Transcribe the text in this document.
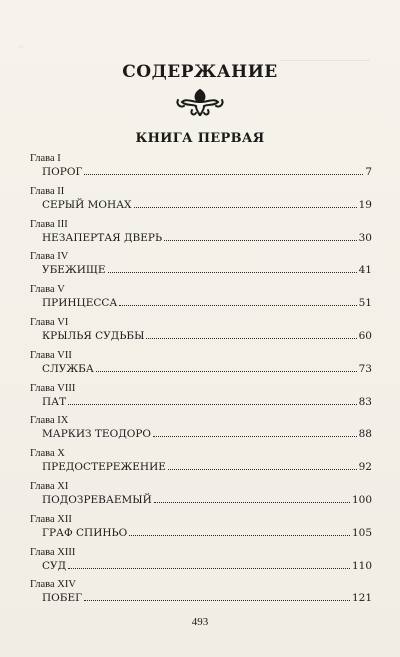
~
СОДЕРЖАНИЕ
КНИГА ПЕРВАЯ
Глава I
ПОРОГ	7
Глава II
СЕРЫЙ МОНАХ	19
Глава III
НЕЗАПЕРТАЯ ДВЕРЬ	30
Глава IV
УБЕЖИЩЕ	41
Глава V
ПРИНЦЕССА	51
Глава VI
КРЫЛЬЯ СУДЬБЫ	60
Глава VII
СЛУЖБА	73
Глава VIII
ПАТ	83
Глава IX
МАРКИЗ ТЕОДОРО	88
Глава X
ПРЕДОСТЕРЕЖЕНИЕ	92
Глава XI
ПОДОЗРЕВАЕМЫЙ	100
Глава XII
ГРАФ СПИНЬО	105
Глава XIII
СУД	110
Глава XIV
ПОБЕГ	121
493
